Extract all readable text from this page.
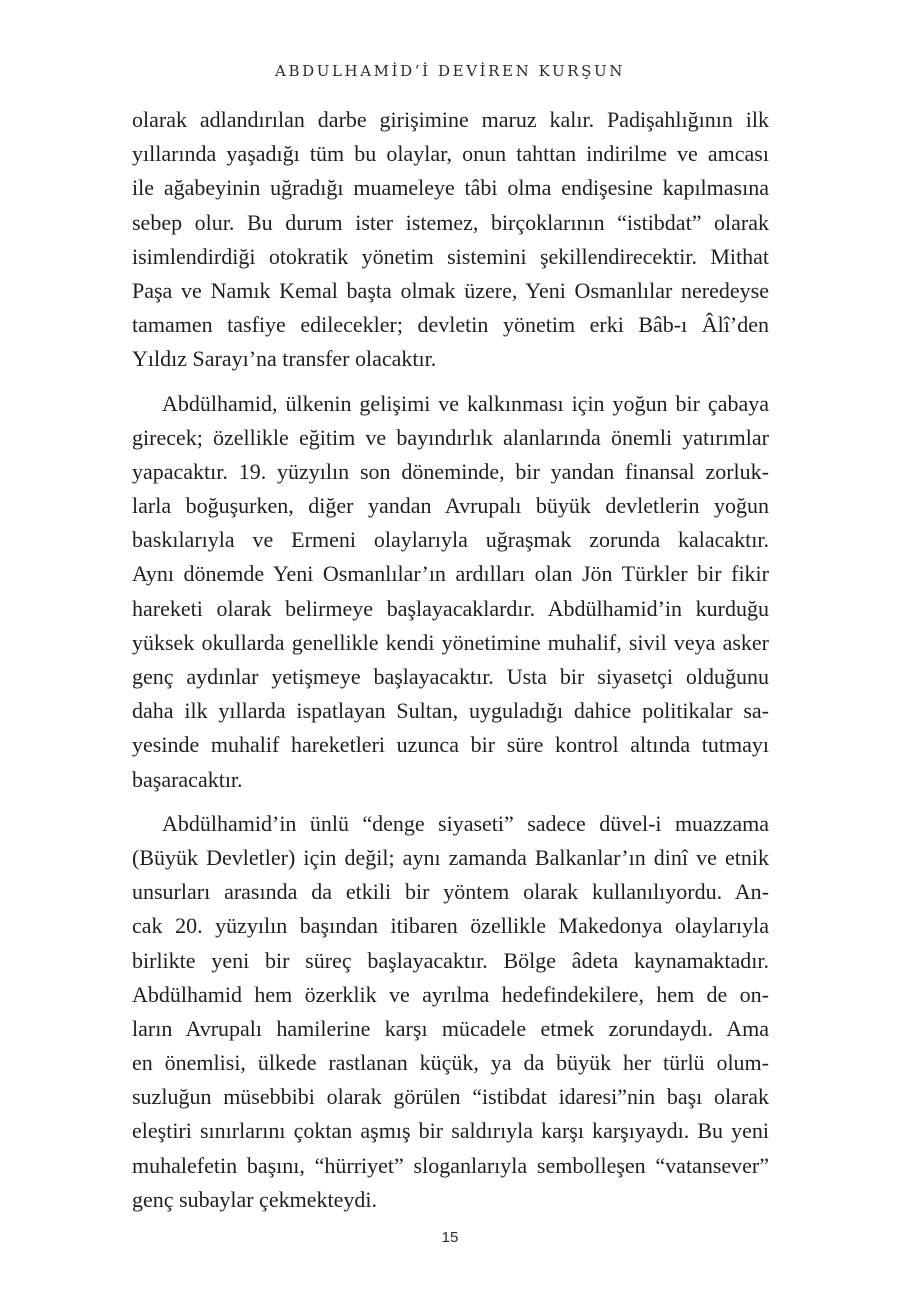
ABDULHAMİD’İ DEVİREN KURŞUN
olarak adlandırılan darbe girişimine maruz kalır. Padişahlığının ilk
yıllarında yaşadığı tüm bu olaylar, onun tahttan indirilme ve amcası
ile ağabeyinin uğradığı muameleye tâbi olma endişesine kapılmasına
sebep olur. Bu durum ister istemez, birçoklarının “istibdat” olarak
isimlendirdiği otokratik yönetim sistemini şekillendirecektir. Mithat
Paşa ve Namık Kemal başta olmak üzere, Yeni Osmanlılar neredeyse
tamamen tasfiye edilecekler; devletin yönetim erki Bâb-ı Âlî’den
Yıldız Sarayı’na transfer olacaktır.
Abdülhamid, ülkenin gelişimi ve kalkınması için yoğun bir çabaya
girecek; özellikle eğitim ve bayındırlık alanlarında önemli yatırımlar
yapacaktır. 19. yüzyılın son döneminde, bir yandan finansal zorluk-
larla boğuşurken, diğer yandan Avrupalı büyük devletlerin yoğun
baskılarıyla ve Ermeni olaylarıyla uğraşmak zorunda kalacaktır.
Aynı dönemde Yeni Osmanlılar’ın ardılları olan Jön Türkler bir fikir
hareketi olarak belirmeye başlayacaklardır. Abdülhamid’in kurduğu
yüksek okullarda genellikle kendi yönetimine muhalif, sivil veya asker
genç aydınlar yetişmeye başlayacaktır. Usta bir siyasetçi olduğunu
daha ilk yıllarda ispatlayan Sultan, uyguladığı dahice politikalar sa-
yesinde muhalif hareketleri uzunca bir süre kontrol altında tutmayı
başaracaktır.
Abdülhamid’in ünlü “denge siyaseti” sadece düvel-i muazzama
(Büyük Devletler) için değil; aynı zamanda Balkanlar’ın dinî ve etnik
unsurları arasında da etkili bir yöntem olarak kullanılıyordu. An-
cak 20. yüzyılın başından itibaren özellikle Makedonya olaylarıyla
birlikte yeni bir süreç başlayacaktır. Bölge âdeta kaynamaktadır.
Abdülhamid hem özerklik ve ayrılma hedefindekilere, hem de on-
ların Avrupalı hamilerine karşı mücadele etmek zorundaydı. Ama
en önemlisi, ülkede rastlanan küçük, ya da büyük her türlü olum-
suzluğun müsebbibi olarak görülen “istibdat idaresi”nin başı olarak
eleştiri sınırlarını çoktan aşmış bir saldırıyla karşı karşıyaydı. Bu yeni
muhalefetin başını, “hürriyet” sloganlarıyla sembolleşen “vatansever”
genç subaylar çekmekteydi.
15
